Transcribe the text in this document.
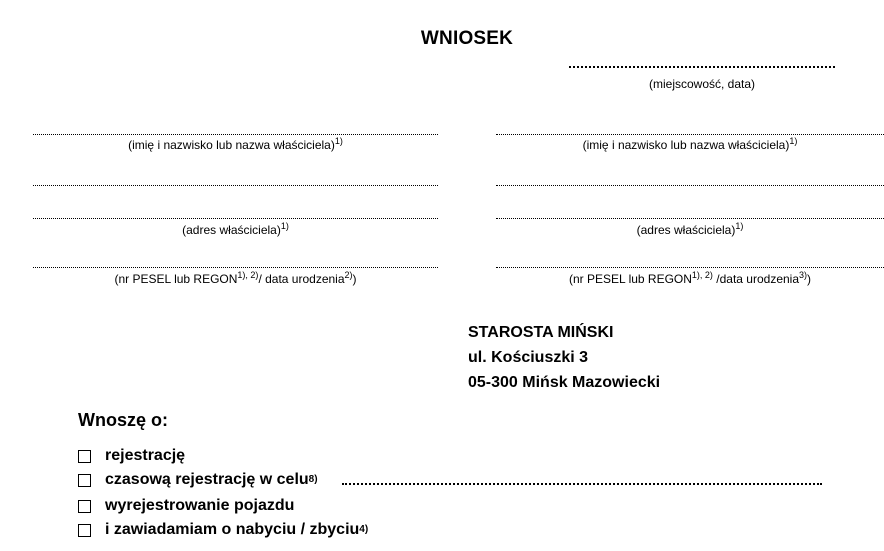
WNIOSEK
(miejscowość, data)
(imię i nazwisko lub nazwa właściciela)$^{1)}$
(adres właściciela)$^{1)}$
(nr PESEL lub $REGON^{1), 2)}/$ data urodzenia$^{2)}$)
(imię i nazwisko lub nazwa właściciela)$^{1)}$
(adres właściciela)$^{1)}$
(nr PESEL lub $REGON^{1), 2)}$ /data urodzenia$^{3)}$)
STAROSTA MIŃSKI
ul. Kościuszki 3
05-300 Mińsk Mazowiecki
Wnoszę o:
rejestrację
czasową rejestrację w celu 8)
wyrejestrowanie pojazdu
i zawiadamiam o nabyciu / zbyciu 4)
